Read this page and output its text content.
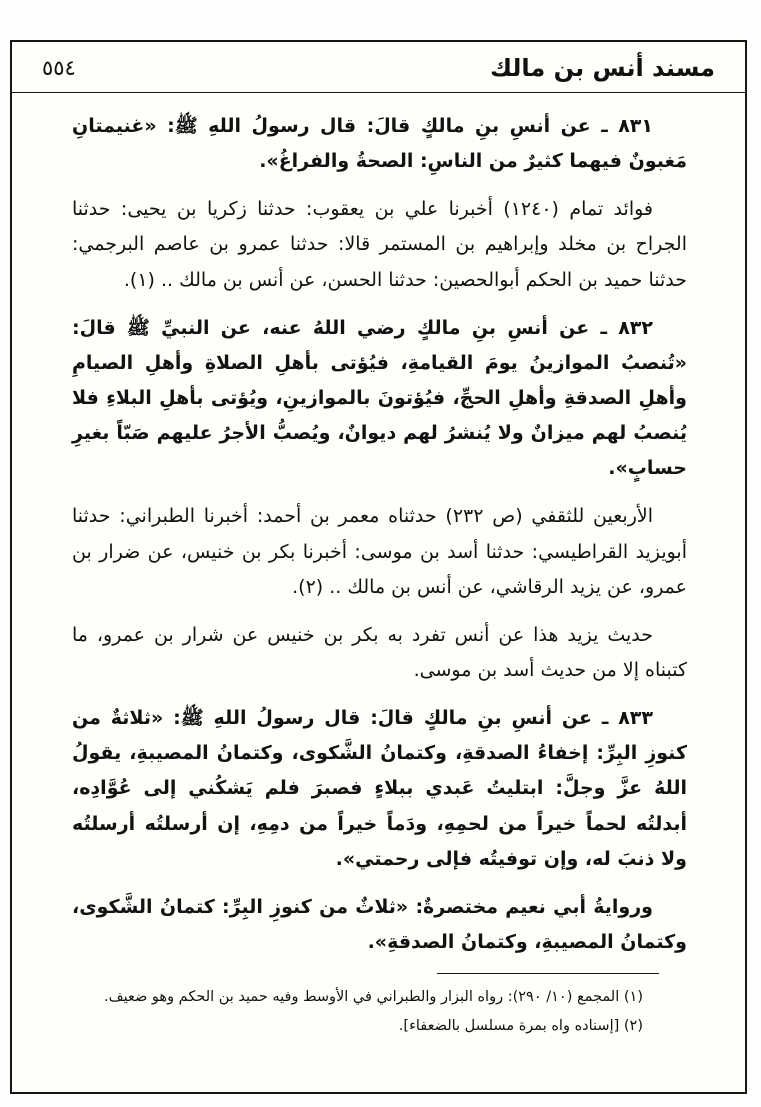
مسند أنس بن مالك
٥٥٤

٨٣١ ـ عن أنسِ بنِ مالكٍ قالَ: قال رسولُ اللهِ ﷺ: «غنيمتانِ مَغبونٌ فيهما كثيرٌ من الناسِ: الصحةُ والفراغُ».

فوائد تمام (١٢٤٠) أخبرنا علي بن يعقوب: حدثنا زكريا بن يحيى: حدثنا الجراح بن مخلد وإبراهيم بن المستمر قالا: حدثنا عمرو بن عاصم البرجمي: حدثنا حميد بن الحكم أبوالحصين: حدثنا الحسن، عن أنس بن مالك .. (١).

٨٣٢ ـ عن أنسِ بنِ مالكٍ رضي اللهُ عنه، عن النبيِّ ﷺ قالَ: «تُنصبُ الموازينُ يومَ القيامةِ، فيُؤتى بأهلِ الصلاةِ وأهلِ الصيامِ وأهلِ الصدقةِ وأهلِ الحجِّ، فيُؤتونَ بالموازينِ، ويُؤتى بأهلِ البلاءِ فلا يُنصبُ لهم ميزانٌ ولا يُنشرُ لهم ديوانٌ، ويُصبُّ الأجرُ عليهم صَبّاً بغيرِ حسابٍ».

الأربعين للثقفي (ص ٢٣٢) حدثناه معمر بن أحمد: أخبرنا الطبراني: حدثنا أبويزيد القراطيسي: حدثنا أسد بن موسى: أخبرنا بكر بن خنيس، عن ضرار بن عمرو، عن يزيد الرقاشي، عن أنس بن مالك .. (٢).

حديث يزيد هذا عن أنس تفرد به بكر بن خنيس عن شرار بن عمرو، ما كتبناه إلا من حديث أسد بن موسى.

٨٣٣ ـ عن أنسِ بنِ مالكٍ قالَ: قال رسولُ اللهِ ﷺ: «ثلاثةٌ من كنوزِ البِرِّ: إخفاءُ الصدقةِ، وكتمانُ الشَّكوى، وكتمانُ المصيبةِ، يقولُ اللهُ عزَّ وجلَّ: ابتليتُ عَبدي ببلاءٍ فصبرَ فلم يَشكُني إلى عُوَّادِه، أبدلتُه لحماً خيراً من لحمِهِ، ودَماً خيراً من دمِهِ، إن أرسلتُه أرسلتُه ولا ذنبَ له، وإن توفيتُه فإلى رحمتي».

وروايةُ أبي نعيم مختصرةٌ: «ثلاثٌ من كنوزِ البِرِّ: كتمانُ الشَّكوى، وكتمانُ المصيبةِ، وكتمانُ الصدقةِ».

(١) المجمع (١٠/ ٢٩٠): رواه البزار والطبراني في الأوسط وفيه حميد بن الحكم وهو ضعيف.

(٢) [إسناده واه بمرة مسلسل بالضعفاء].
